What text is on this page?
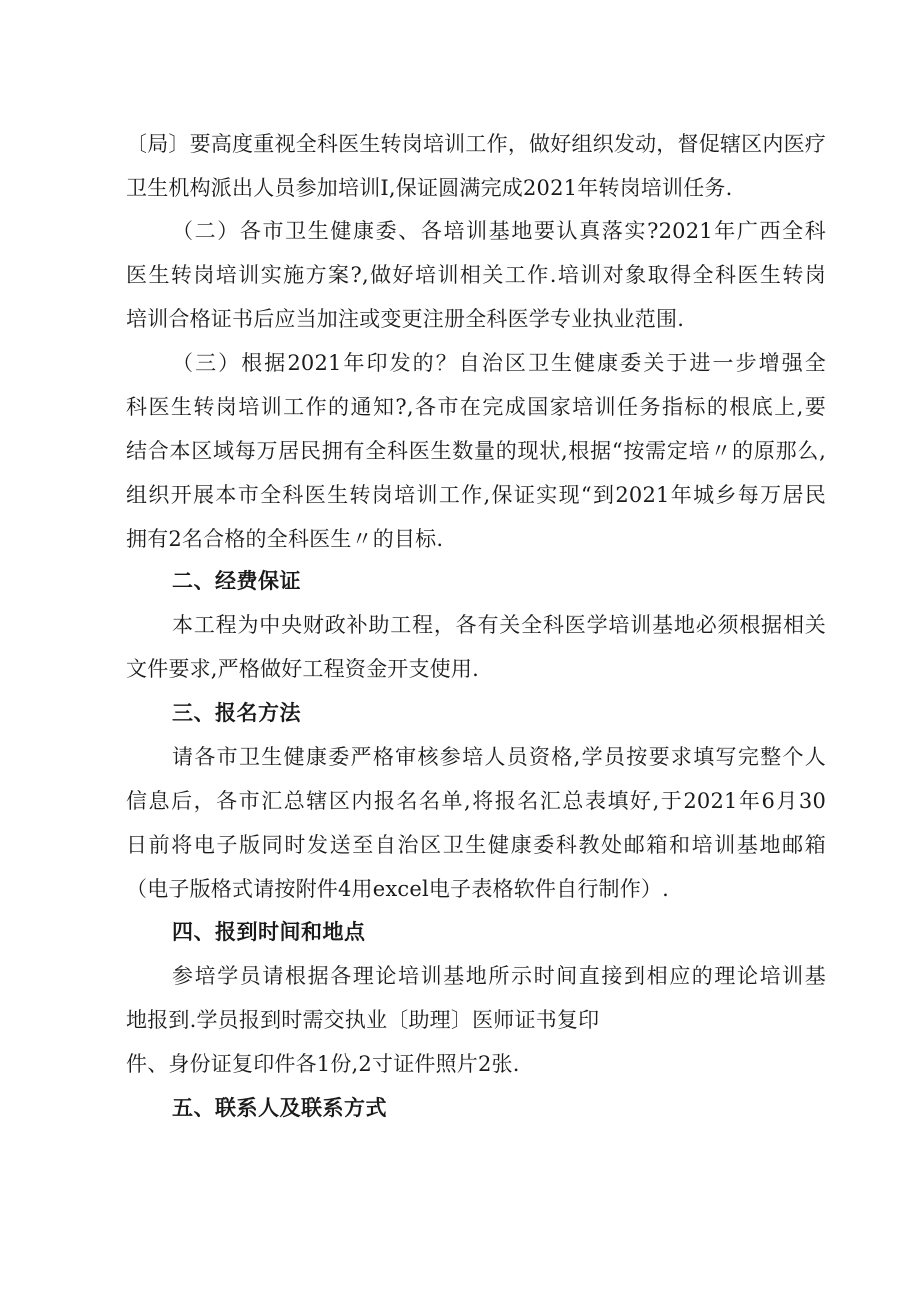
〔局〕要高度重视全科医生转岗培训工作，做好组织发动，督促辖区内医疗
卫生机构派出人员参加培训I,保证圆满完成2021年转岗培训任务.
（二）各市卫生健康委、各培训基地要认真落实?2021年广西全科
医生转岗培训实施方案?,做好培训相关工作.培训对象取得全科医生转岗
培训合格证书后应当加注或变更注册全科医学专业执业范围.
（三）根据2021年印发的？自治区卫生健康委关于进一步增强全
科医生转岗培训工作的通知?,各市在完成国家培训任务指标的根底上,要
结合本区域每万居民拥有全科医生数量的现状,根据“按需定培〃的原那么,
组织开展本市全科医生转岗培训工作,保证实现“到2021年城乡每万居民
拥有2名合格的全科医生〃的目标.
二、经费保证
本工程为中央财政补助工程，各有关全科医学培训基地必须根据相关
文件要求,严格做好工程资金开支使用.
三、报名方法
请各市卫生健康委严格审核参培人员资格,学员按要求填写完整个人
信息后，各市汇总辖区内报名名单,将报名汇总表填好,于2021年6月30
日前将电子版同时发送至自治区卫生健康委科教处邮箱和培训基地邮箱
（电子版格式请按附件4用excel电子表格软件自行制作）.
四、报到时间和地点
参培学员请根据各理论培训基地所示时间直接到相应的理论培训基
地报到.学员报到时需交执业〔助理〕医师证书复印
件、身份证复印件各1份,2寸证件照片2张.
五、联系人及联系方式
